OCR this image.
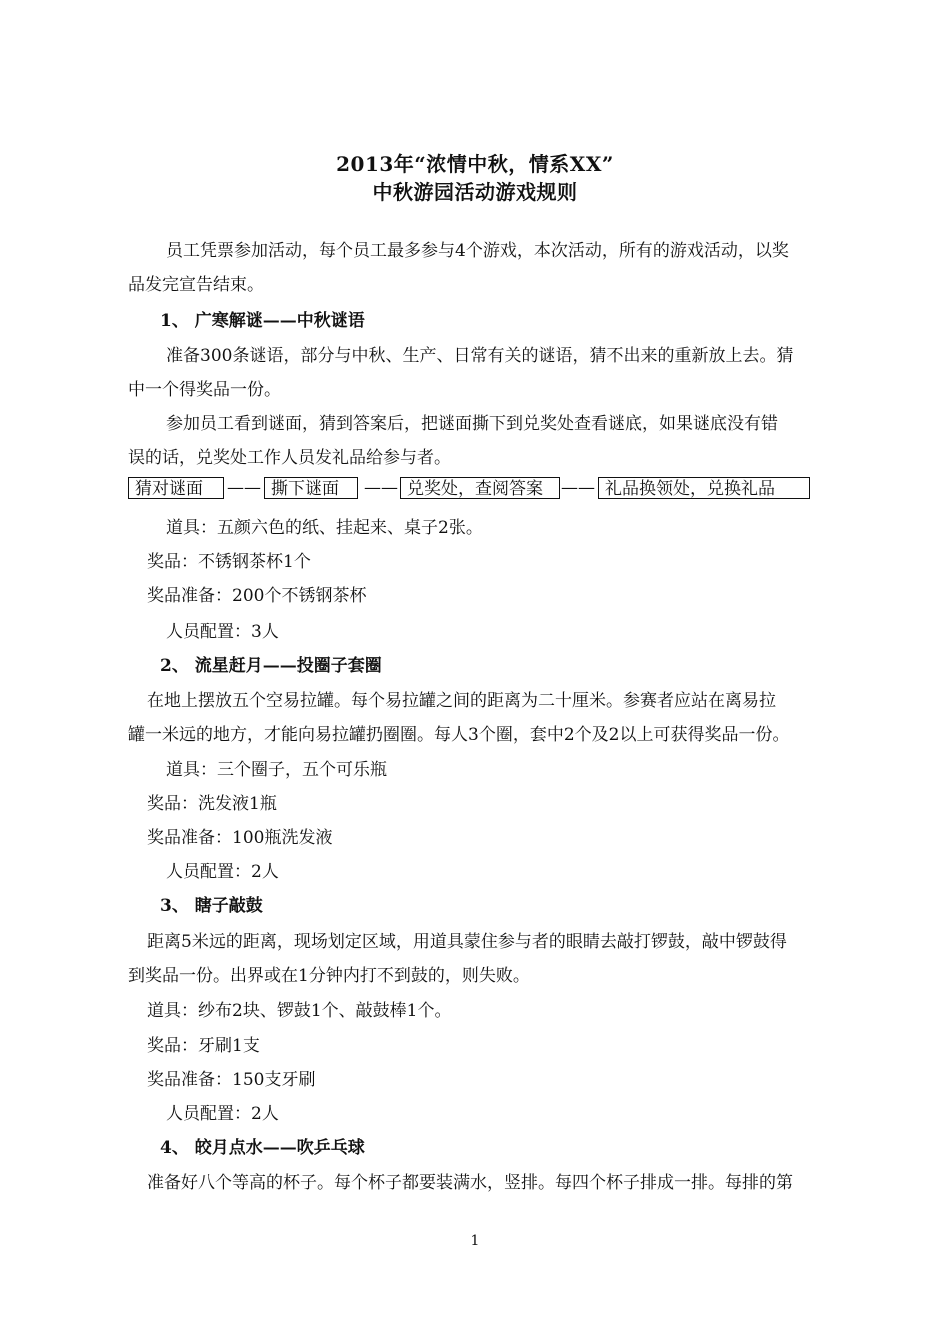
2013年“浓情中秋，情系XX”
中秋游园活动游戏规则
员工凭票参加活动，每个员工最多参与4个游戏，本次活动，所有的游戏活动，以奖
品发完宣告结束。
1、 广寒解谜——中秋谜语
准备300条谜语，部分与中秋、生产、日常有关的谜语，猜不出来的重新放上去。猜
中一个得奖品一份。
参加员工看到谜面，猜到答案后，把谜面撕下到兑奖处查看谜底，如果谜底没有错
误的话，兑奖处工作人员发礼品给参与者。
猜对谜面	—— 撕下谜面	—— 兑奖处，查阅答案	—— 礼品换领处，兑换礼品
道具：五颜六色的纸、挂起来、桌子2张。
奖品：不锈钢茶杯1个
奖品准备：200个不锈钢茶杯
人员配置：3人
2、 流星赶月——投圈子套圈
在地上摆放五个空易拉罐。每个易拉罐之间的距离为二十厘米。参赛者应站在离易拉
罐一米远的地方，才能向易拉罐扔圈圈。每人3个圈，套中2个及2以上可获得奖品一份。
道具：三个圈子，五个可乐瓶
奖品：洗发液1瓶
奖品准备：100瓶洗发液
人员配置：2人
3、 瞎子敲鼓
距离5米远的距离，现场划定区域，用道具蒙住参与者的眼睛去敲打锣鼓，敲中锣鼓得
到奖品一份。出界或在1分钟内打不到鼓的，则失败。
道具：纱布2块、锣鼓1个、敲鼓棒1个。
奖品：牙刷1支
奖品准备：150支牙刷
人员配置：2人
4、 皎月点水——吹乒乓球
准备好八个等高的杯子。每个杯子都要装满水，竖排。每四个杯子排成一排。每排的第
1
